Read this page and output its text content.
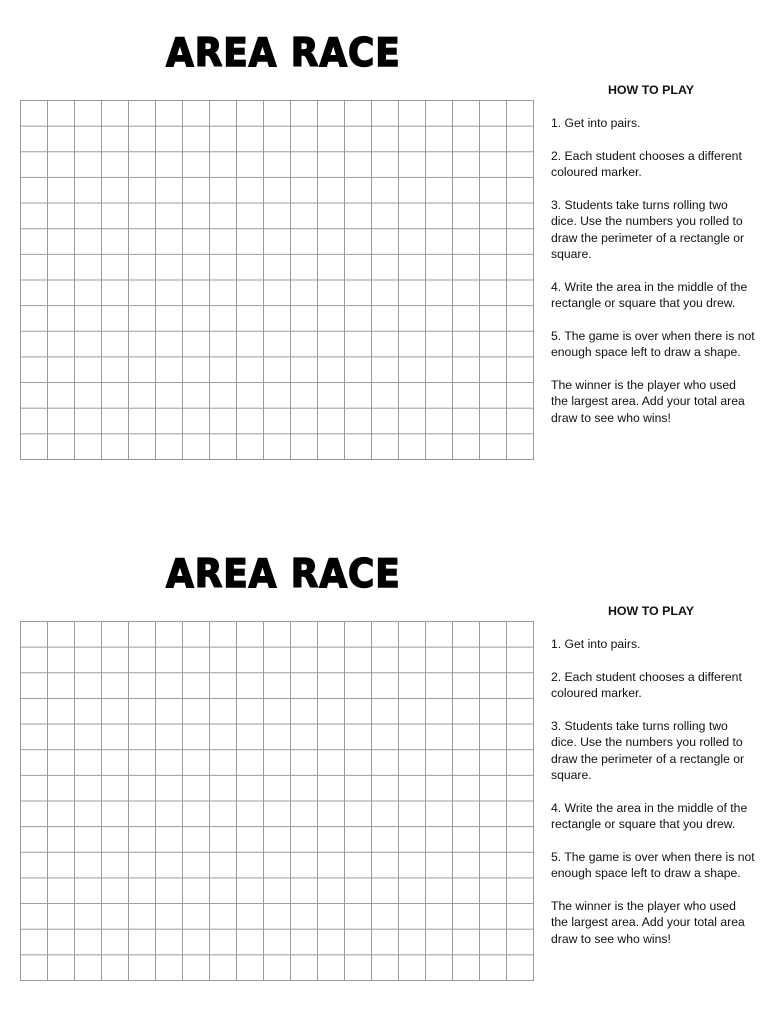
AREA RACE
HOW TO PLAY

1. Get into pairs.

2. Each student chooses a different coloured marker.

3. Students take turns rolling two dice. Use the numbers you rolled to draw the perimeter of a rectangle or square.

4. Write the area in the middle of the rectangle or square that you drew.

5. The game is over when there is not enough space left to draw a shape.

The winner is the player who used the largest area. Add your total area draw to see who wins!

AREA RACE
HOW TO PLAY

1. Get into pairs.

2. Each student chooses a different coloured marker.

3. Students take turns rolling two dice. Use the numbers you rolled to draw the perimeter of a rectangle or square.

4. Write the area in the middle of the rectangle or square that you drew.

5. The game is over when there is not enough space left to draw a shape.

The winner is the player who used the largest area. Add your total area draw to see who wins!
